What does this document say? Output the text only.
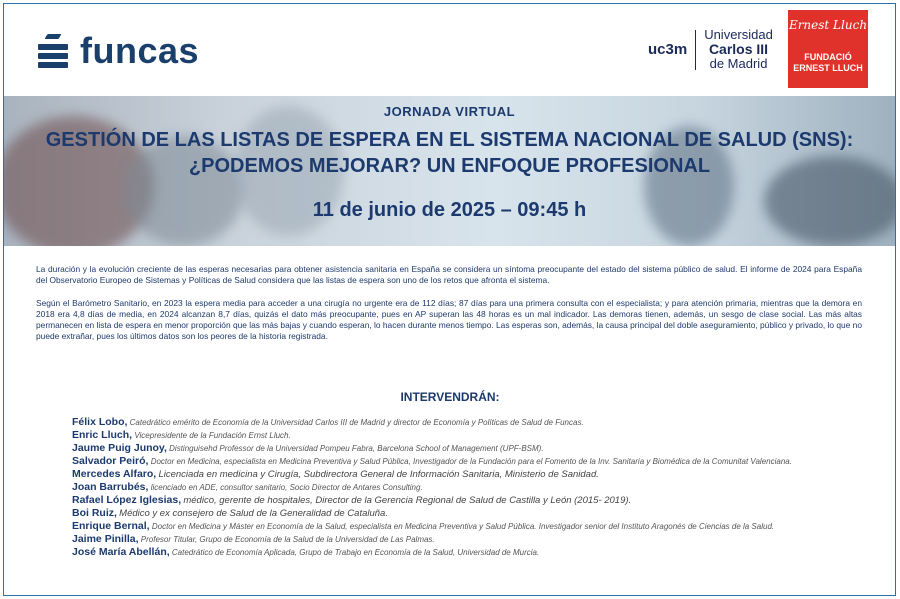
funcas	uc3m
Universidad
Carlos III
de Madrid
Ernest Lluch
FUNDACIÓ
ERNEST LLUCH
JORNADA VIRTUAL
GESTIÓN DE LAS LISTAS DE ESPERA EN EL SISTEMA NACIONAL DE SALUD (SNS):
¿PODEMOS MEJORAR? UN ENFOQUE PROFESIONAL
11 de junio de 2025 – 09:45 h
La duración y la evolución creciente de las esperas necesarias para obtener asistencia sanitaria en España se considera un síntoma preocupante del estado del sistema público de salud. El informe de 2024 para España del Observatorio Europeo de Sistemas y Políticas de Salud considera que las listas de espera son uno de los retos que afronta el sistema.
Según el Barómetro Sanitario, en 2023 la espera media para acceder a una cirugía no urgente era de 112 días; 87 días para una primera consulta con el especialista; y para atención primaria, mientras que la demora en 2018 era 4,8 días de media, en 2024 alcanzan 8,7 días, quizás el dato más preocupante, pues en AP superan las 48 horas es un mal indicador. Las demoras tienen, además, un sesgo de clase social. Las más altas permanecen en lista de espera en menor proporción que las más bajas y cuando esperan, lo hacen durante menos tiempo. Las esperas son, además, la causa principal del doble aseguramiento, público y privado, lo que no puede extrañar, pues los últimos datos son los peores de la historia registrada.
INTERVENDRÁN:
Félix Lobo, Catedrático emérito de Economía de la Universidad Carlos III de Madrid y director de Economía y Políticas de Salud de Funcas.
Enric Lluch, Vicepresidente de la Fundación Ernst Lluch.
Jaume Puig Junoy, Distinguisehd Professor de la Universidad Pompeu Fabra, Barcelona School of Management (UPF-BSM).
Salvador Peiró, Doctor en Medicina, especialista en Medicina Preventiva y Salud Pública, Investigador de la Fundación para el Fomento de la Inv. Sanitaria y Biomédica de la Comunitat Valenciana.
Mercedes Alfaro, Licenciada en medicina y Cirugía, Subdirectora General de Información Sanitaria, Ministerio de Sanidad.
Joan Barrubés, licenciado en ADE, consultor sanitario, Socio Director de Antares Consulting.
Rafael López Iglesias, médico, gerente de hospitales, Director de la Gerencia Regional de Salud de Castilla y León (2015- 2019).
Boi Ruiz, Médico y ex consejero de Salud de la Generalidad de Cataluña.
Enrique Bernal, Doctor en Medicina y Máster en Economía de la Salud, especialista en Medicina Preventiva y Salud Pública. Investigador senior del Instituto Aragonés de Ciencias de la Salud.
Jaime Pinilla, Profesor Titular, Grupo de Economía de la Salud de la Universidad de Las Palmas.
José María Abellán, Catedrático de Economía Aplicada, Grupo de Trabajo en Economía de la Salud, Universidad de Murcia.
